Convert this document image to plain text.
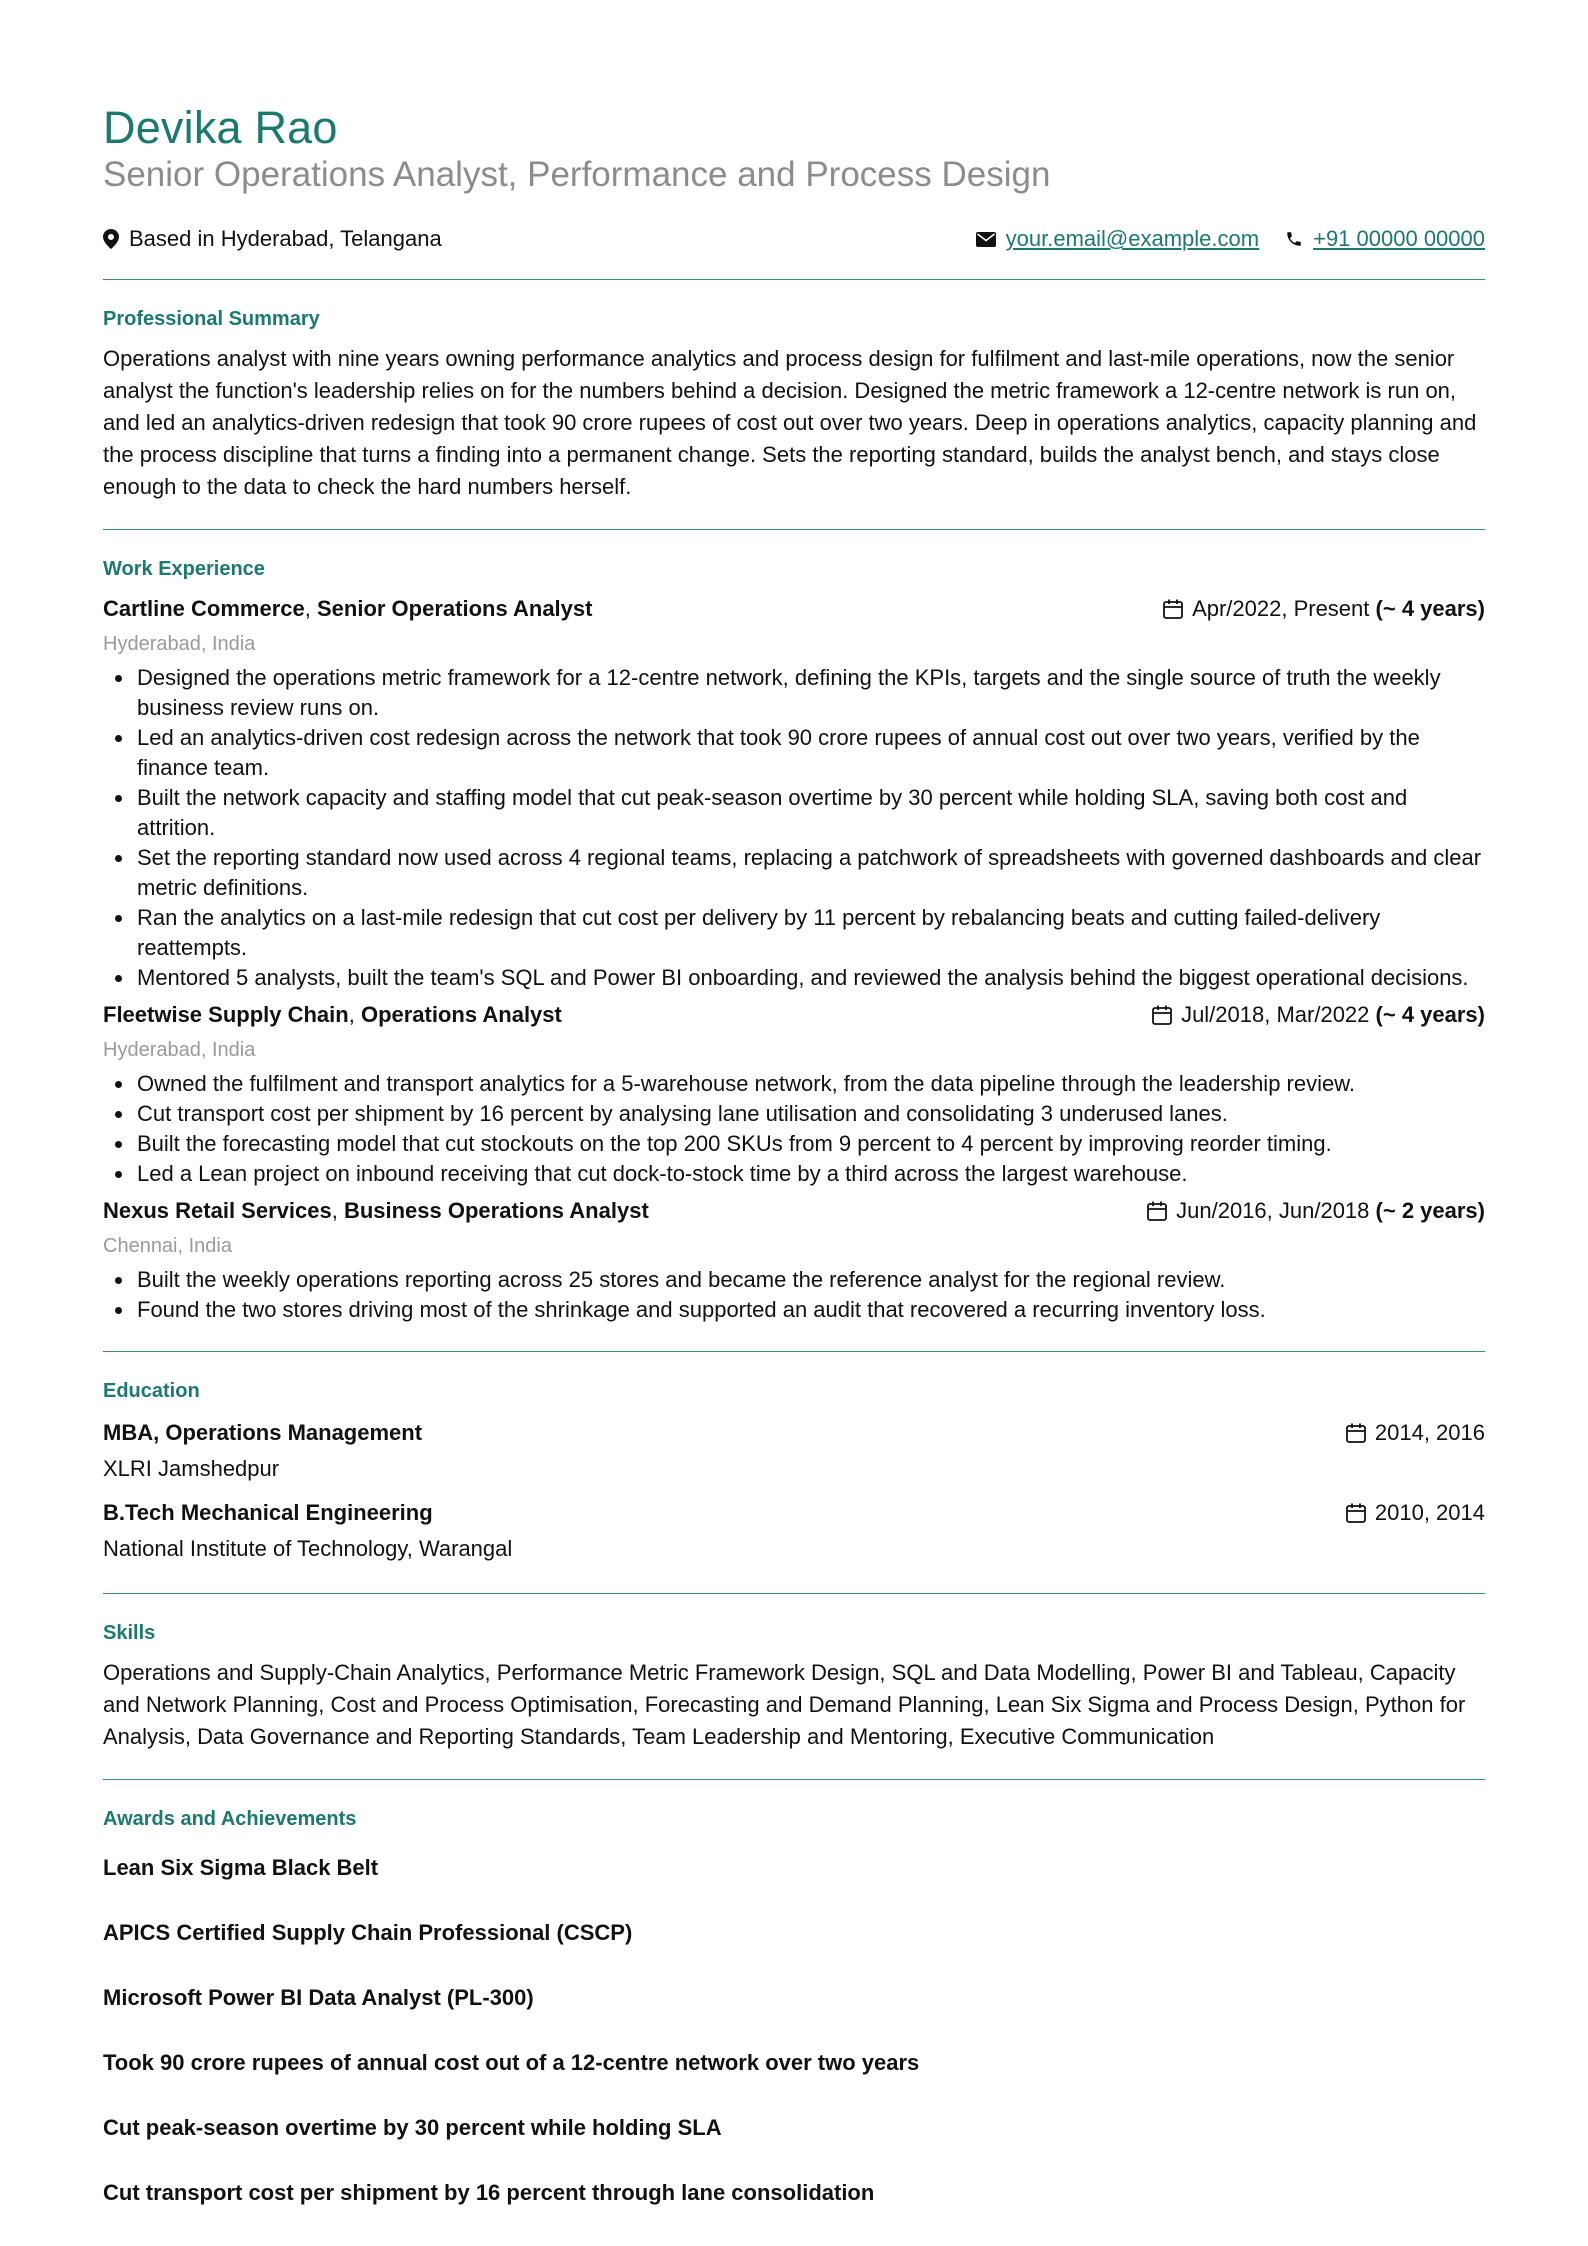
Devika Rao
Senior Operations Analyst, Performance and Process Design
Based in Hyderabad, Telangana	your.email@example.com +91 00000 00000
Professional Summary

Operations analyst with nine years owning performance analytics and process design for fulfilment and last-mile operations, now the senior analyst the function's leadership relies on for the numbers behind a decision. Designed the metric framework a 12-centre network is run on, and led an analytics-driven redesign that took 90 crore rupees of cost out over two years. Deep in operations analytics, capacity planning and the process discipline that turns a finding into a permanent change. Sets the reporting standard, builds the analyst bench, and stays close enough to the data to check the hard numbers herself.

Work Experience
Cartline Commerce, Senior Operations Analyst	Apr/2022, Present
(~ 4 years)
Hyderabad, India
Designed the operations metric framework for a 12-centre network, defining the KPIs, targets and the single source of truth the weekly business review runs on.
Led an analytics-driven cost redesign across the network that took 90 crore rupees of annual cost out over two years, verified by the finance team.
Built the network capacity and staffing model that cut peak-season overtime by 30 percent while holding SLA, saving both cost and attrition.
Set the reporting standard now used across 4 regional teams, replacing a patchwork of spreadsheets with governed dashboards and clear metric definitions.
Ran the analytics on a last-mile redesign that cut cost per delivery by 11 percent by rebalancing beats and cutting failed-delivery reattempts.
Mentored 5 analysts, built the team's SQL and Power BI onboarding, and reviewed the analysis behind the biggest operational decisions.
Fleetwise Supply Chain, Operations Analyst	Jul/2018, Mar/2022
(~ 4 years)
Hyderabad, India
Owned the fulfilment and transport analytics for a 5-warehouse network, from the data pipeline through the leadership review.
Cut transport cost per shipment by 16 percent by analysing lane utilisation and consolidating 3 underused lanes.
Built the forecasting model that cut stockouts on the top 200 SKUs from 9 percent to 4 percent by improving reorder timing.
Led a Lean project on inbound receiving that cut dock-to-stock time by a third across the largest warehouse.
Nexus Retail Services, Business Operations Analyst	Jun/2016, Jun/2018
(~ 2 years)
Chennai, India
Built the weekly operations reporting across 25 stores and became the reference analyst for the regional review.
Found the two stores driving most of the shrinkage and supported an audit that recovered a recurring inventory loss.
Education
MBA, Operations Management
XLRI Jamshedpur
2014, 2016
B.Tech Mechanical Engineering
National Institute of Technology, Warangal
2010, 2014
Skills

Operations and Supply-Chain Analytics, Performance Metric Framework Design, SQL and Data Modelling, Power BI and Tableau, Capacity and Network Planning, Cost and Process Optimisation, Forecasting and Demand Planning, Lean Six Sigma and Process Design, Python for Analysis, Data Governance and Reporting Standards, Team Leadership and Mentoring, Executive Communication

Awards and Achievements
Lean Six Sigma Black Belt
APICS Certified Supply Chain Professional (CSCP)
Microsoft Power BI Data Analyst (PL-300)
Took 90 crore rupees of annual cost out of a 12-centre network over two years
Cut peak-season overtime by 30 percent while holding SLA
Cut transport cost per shipment by 16 percent through lane consolidation
